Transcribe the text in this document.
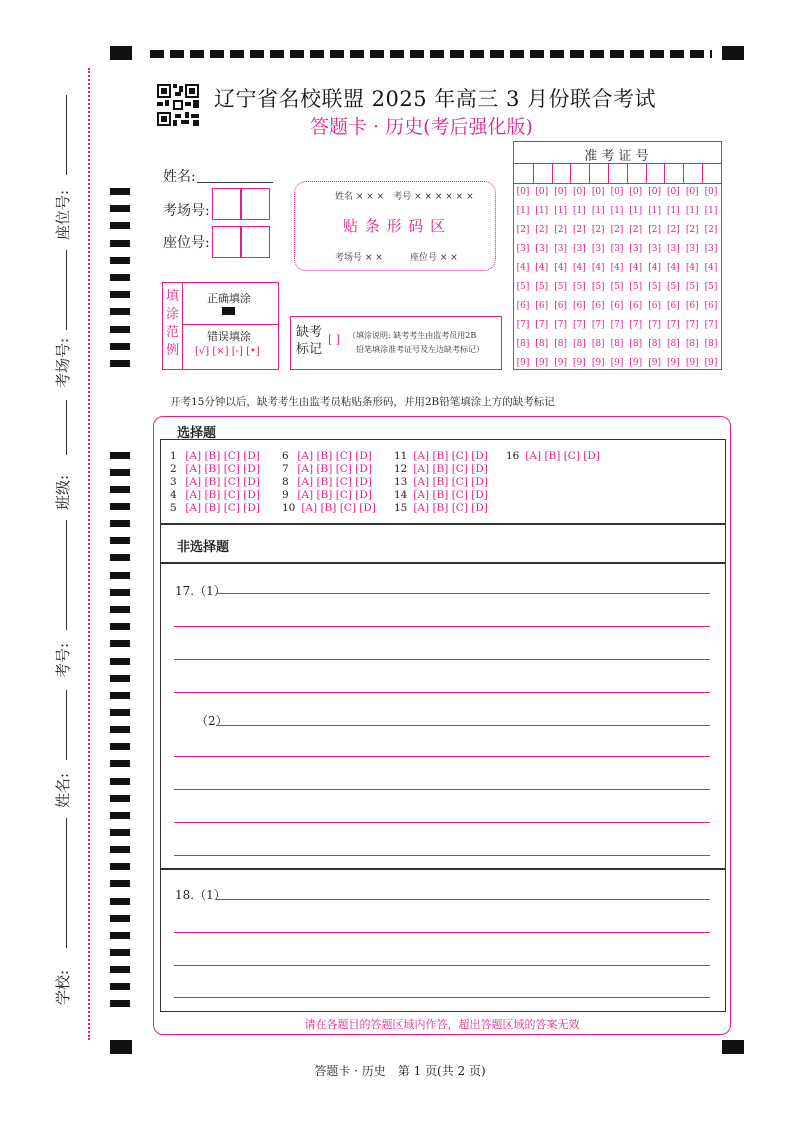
座位号:
考场号:
班级:
考号:
姓名:
学校:
辽宁省名校联盟 2025 年高三 3 月份联合考试
答题卡 · 历史(考后强化版)
姓名:
考场号:
座位号:
姓名 × × ×　考号 × × × × × ×
贴 条 形 码 区
考场号 × ×	座位号 × ×
填涂范例
正确填涂
错误填涂
[√] [×] [-] [•]
缺考标记
[ ] （填涂说明: 缺考考生由监考员用2B
铅笔填涂准考证号及左边缺考标记）
准 考 证 号
[0]
[1]
[2]
[3]
[4]
[5]
[6]
[7]
[8]
[9]
[0]
[1]
[2]
[3]
[4]
[5]
[6]
[7]
[8]
[9]
[0]
[1]
[2]
[3]
[4]
[5]
[6]
[7]
[8]
[9]
[0]
[1]
[2]
[3]
[4]
[5]
[6]
[7]
[8]
[9]
[0]
[1]
[2]
[3]
[4]
[5]
[6]
[7]
[8]
[9]
[0]
[1]
[2]
[3]
[4]
[5]
[6]
[7]
[8]
[9]
[0]
[1]
[2]
[3]
[4]
[5]
[6]
[7]
[8]
[9]
[0]
[1]
[2]
[3]
[4]
[5]
[6]
[7]
[8]
[9]
[0]
[1]
[2]
[3]
[4]
[5]
[6]
[7]
[8]
[9]
[0]
[1]
[2]
[3]
[4]
[5]
[6]
[7]
[8]
[9]
[0]
[1]
[2]
[3]
[4]
[5]
[6]
[7]
[8]
[9]
开考15分钟以后，缺考考生由监考员粘贴条形码，并用2B铅笔填涂上方的缺考标记
选择题
1 [A] [B] [C] [D]
2 [A] [B] [C] [D]
3 [A] [B] [C] [D]
4 [A] [B] [C] [D]
5 [A] [B] [C] [D]
6 [A] [B] [C] [D]
7 [A] [B] [C] [D]
8 [A] [B] [C] [D]
9 [A] [B] [C] [D]
10 [A] [B] [C] [D]
11 [A] [B] [C] [D]
12 [A] [B] [C] [D]
13 [A] [B] [C] [D]
14 [A] [B] [C] [D]
15 [A] [B] [C] [D]
16 [A] [B] [C] [D]
非选择题
17.（1）
（2）
18.（1）
请在各题目的答题区域内作答，超出答题区域的答案无效
答题卡 · 历史　第 1 页(共 2 页)
